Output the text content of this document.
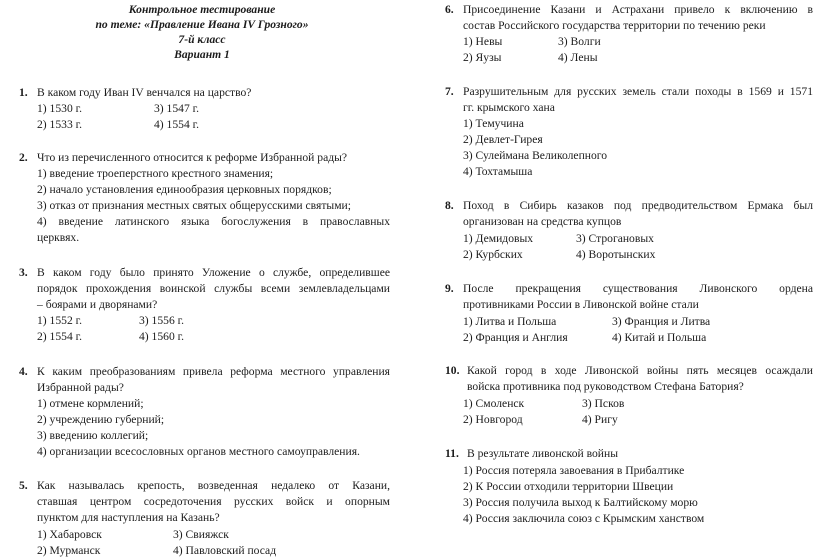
Контрольное тестирование
по теме: «Правление Ивана IV Грозного»
7-й класс
Вариант 1
1. В каком году Иван IV венчался на царство?
1) 1530 г.	3) 1547 г.
2) 1533 г.	4) 1554 г.
2. Что из перечисленного относится к реформе Избранной рады?
1) введение троеперстного крестного знамения;
2) начало установления единообразия церковных порядков;
3) отказ от признания местных святых общерусскими святыми;
4) введение латинского языка богослужения в православных
церквях.
3. В каком году было принято Уложение о службе, определившее
порядок прохождения воинской службы всеми землевладельцами
– боярами и дворянами?
1) 1552 г.	3) 1556 г.
2) 1554 г.	4) 1560 г.
4. К каким преобразованиям привела реформа местного управления
Избранной рады?
1) отмене кормлений;
2) учреждению губерний;
3) введению коллегий;
4) организации всесословных органов местного самоуправления.
5. Как называлась крепость, возведенная недалеко от Казани,
ставшая центром сосредоточения русских войск и опорным
пунктом для наступления на Казань?
1) Хабаровск	3) Свияжск
2) Мурманск	4) Павловский посад
6. Присоединение Казани и Астрахани привело к включению в
состав Российского государства территории по течению реки
1) Невы	3) Волги
2) Яузы	4) Лены
7. Разрушительным для русских земель стали походы в 1569 и 1571
гг. крымского хана
1) Темучина
2) Девлет-Гирея
3) Сулеймана Великолепного
4) Тохтамыша
8. Поход в Сибирь казаков под предводительством Ермака был
организован на средства купцов
1) Демидовых	3) Строгановых
2) Курбских	4) Воротынских
9. После прекращения существования Ливонского ордена
противниками России в Ливонской войне стали
1) Литва и Польша	3) Франция и Литва
2) Франция и Англия	4) Китай и Польша
10. Какой город в ходе Ливонской войны пять месяцев осаждали
войска противника под руководством Стефана Батория?
1) Смоленск	3) Псков
2) Новгород	4) Ригу
11. В результате ливонской войны
1) Россия потеряла завоевания в Прибалтике
2) К России отходили территории Швеции
3) Россия получила выход к Балтийскому морю
4) Россия заключила союз с Крымским ханством
